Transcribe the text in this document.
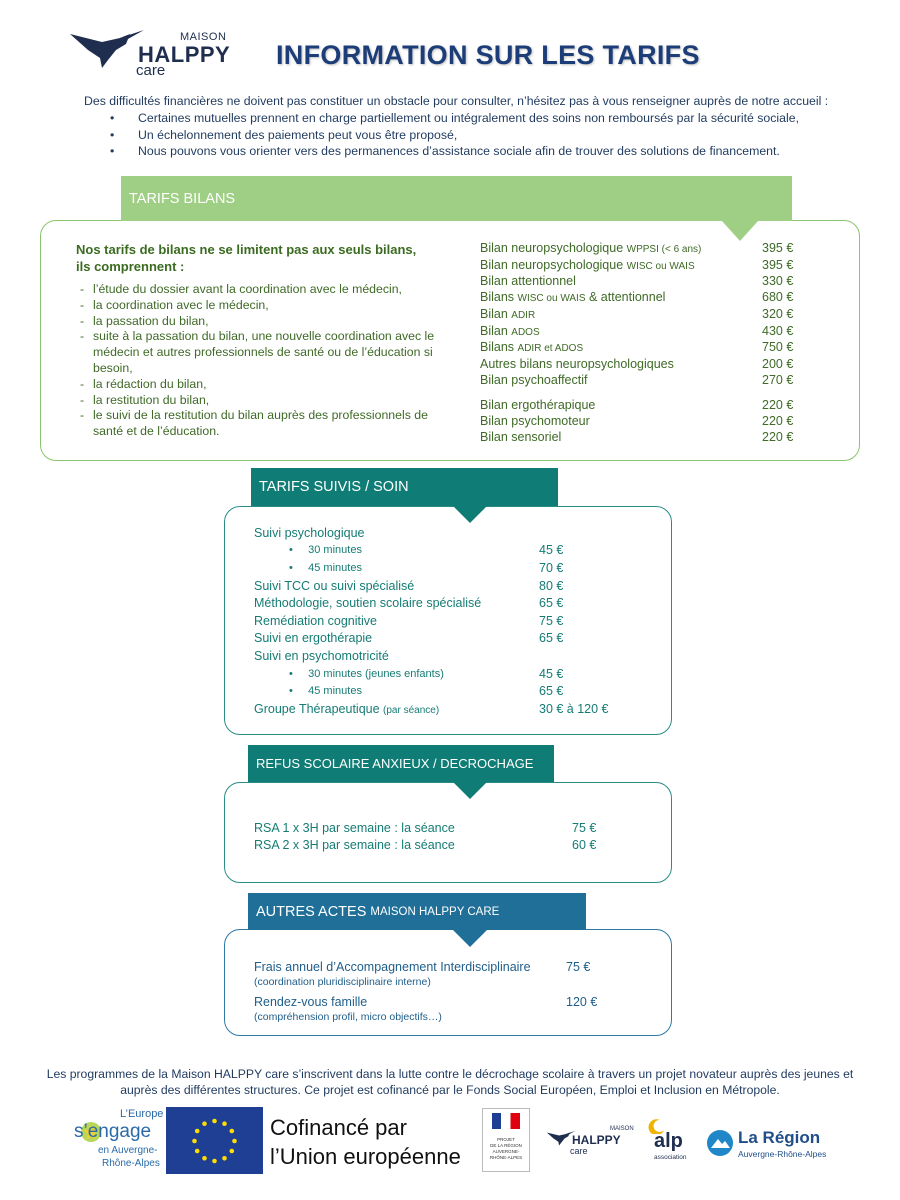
MAISON
HALPPY
care
INFORMATION SUR LES TARIFS
Des difficultés financières ne doivent pas constituer un obstacle pour consulter, n’hésitez pas à vous renseigner auprès de notre accueil :
• Certaines mutuelles prennent en charge partiellement ou intégralement des soins non remboursés par la sécurité sociale,
• Un échelonnement des paiements peut vous être proposé,
• Nous pouvons vous orienter vers des permanences d’assistance sociale afin de trouver des solutions de financement.
TARIFS BILANS
Nos tarifs de bilans ne se limitent pas aux seuls bilans,
ils comprennent :
- l’étude du dossier avant la coordination avec le médecin,
- la coordination avec le médecin,
- la passation du bilan,
- suite à la passation du bilan, une nouvelle coordination avec le médecin et autres professionnels de santé ou de l’éducation si besoin,
- la rédaction du bilan,
- la restitution du bilan,
- le suivi de la restitution du bilan auprès des professionnels de santé et de l’éducation.
Bilan neuropsychologique WPPSI (< 6 ans)	395 €
Bilan neuropsychologique WISC ou WAIS	395 €
Bilan attentionnel	330 €
Bilans WISC ou WAIS & attentionnel	680 €
Bilan ADIR	320 €
Bilan ADOS	430 €
Bilans ADIR et ADOS	750 €
Autres bilans neuropsychologiques	200 €
Bilan psychoaffectif	270 €
Bilan ergothérapique	220 €
Bilan psychomoteur	220 €
Bilan sensoriel	220 €
TARIFS SUIVIS / SOIN
Suivi psychologique
•     30 minutes	45 €
•     45 minutes	70 €
Suivi TCC ou suivi spécialisé	80 €
Méthodologie, soutien scolaire spécialisé	65 €
Remédiation cognitive	75 €
Suivi en ergothérapie	65 €
Suivi en psychomotricité
•     30 minutes (jeunes enfants)	45 €
•     45 minutes	65 €
Groupe Thérapeutique (par séance)	30 € à 120 €
REFUS SCOLAIRE ANXIEUX / DECROCHAGE
RSA 1 x 3H par semaine : la séance	75 €
RSA 2 x 3H par semaine : la séance	60 €
AUTRES ACTES
MAISON HALPPY CARE
Frais annuel d’Accompagnement Interdisciplinaire	75 €
(coordination pluridisciplinaire interne)
Rendez-vous famille	120 €
(compréhension profil, micro objectifs…)
Les programmes de la Maison HALPPY care s’inscrivent dans la lutte contre le décrochage scolaire à travers un projet novateur auprès des jeunes et auprès des différentes structures. Ce projet est cofinancé par le Fonds Social Européen, Emploi et Inclusion en Métropole.
L’Europe
s’engage
en Auvergne-
Rhône-Alpes
Cofinancé par
l’Union européenne
PROJET
DE LA RÉGION
AUVERGNE-
RHÔNE-ALPES
MAISON
HALPPY
care	alp
association
La Région
Auvergne-Rhône-Alpes
